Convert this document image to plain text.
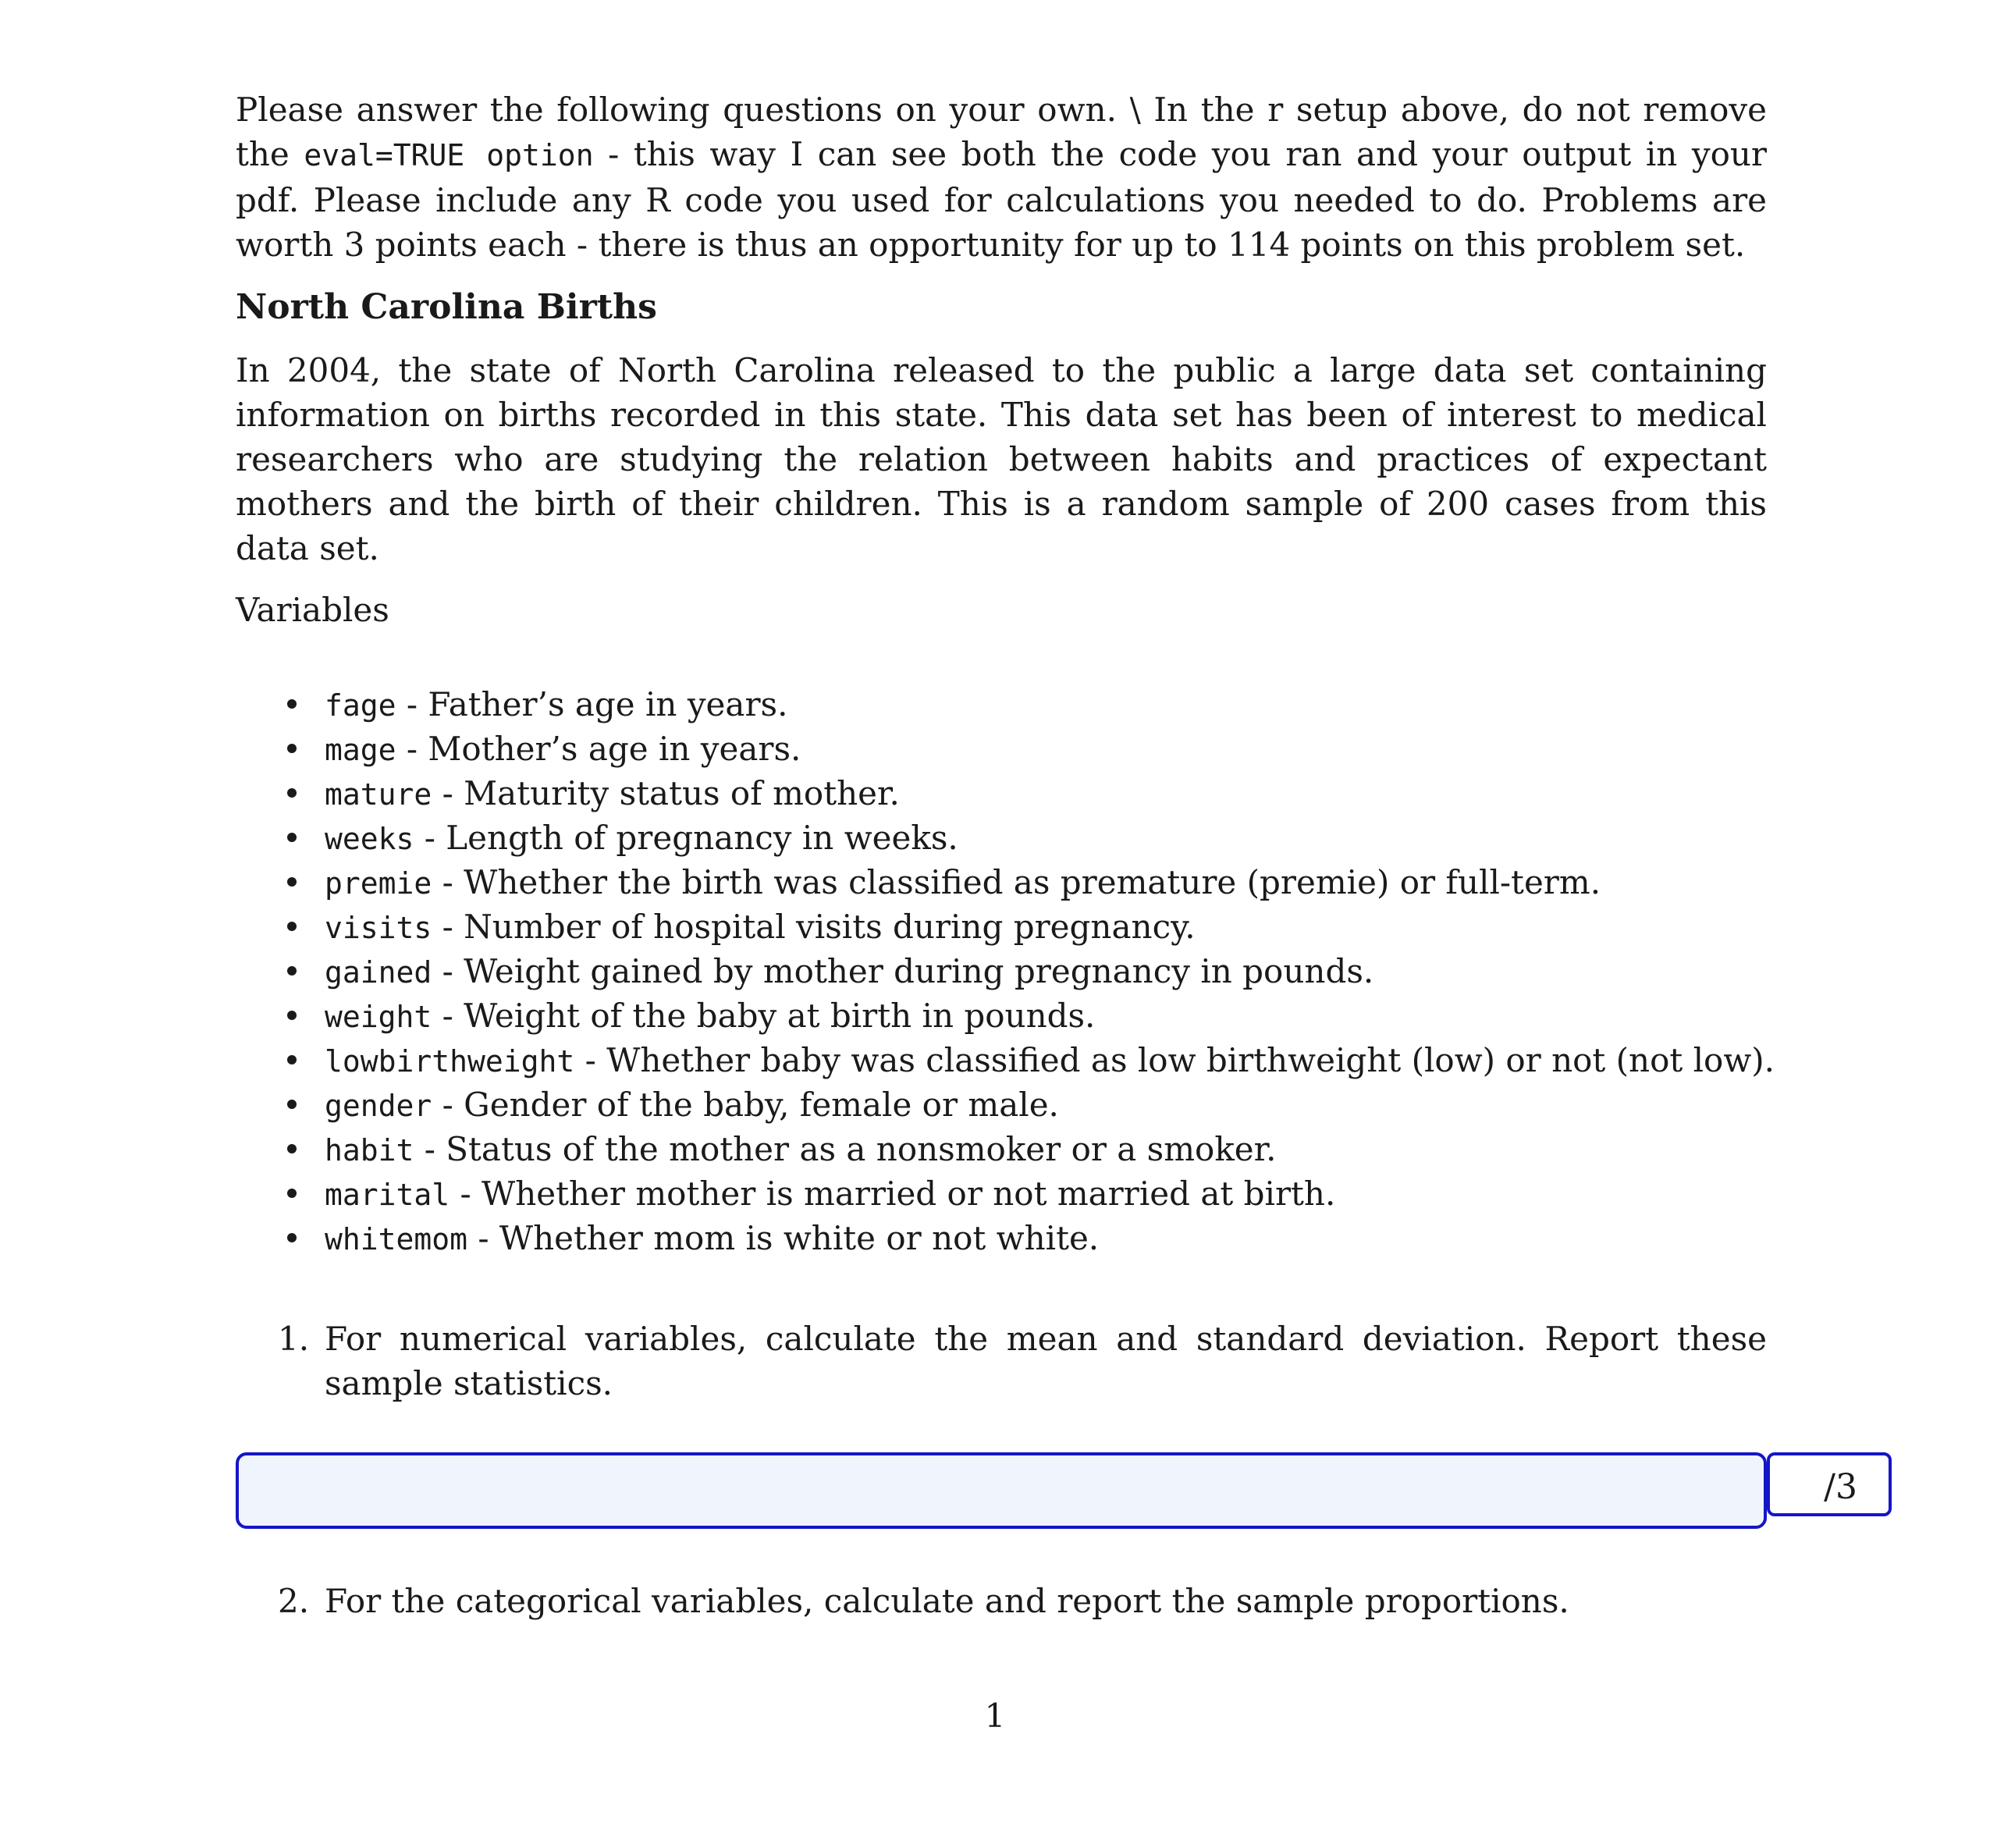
Please answer the following questions on your own. \ In the r setup above, do not remove the eval=TRUE option - this way I can see both the code you ran and your output in your pdf. Please include any R code you used for calculations you needed to do. Problems are worth 3 points each - there is thus an opportunity for up to 114 points on this problem set.

North Carolina Births

In 2004, the state of North Carolina released to the public a large data set containing information on births recorded in this state. This data set has been of interest to medical researchers who are studying the relation between habits and practices of expectant mothers and the birth of their children. This is a random sample of 200 cases from this data set.

Variables

fage - Father’s age in years.
mage - Mother’s age in years.
mature - Maturity status of mother.
weeks - Length of pregnancy in weeks.
premie - Whether the birth was classified as premature (premie) or full-term.
visits - Number of hospital visits during pregnancy.
gained - Weight gained by mother during pregnancy in pounds.
weight - Weight of the baby at birth in pounds.
lowbirthweight - Whether baby was classified as low birthweight (low) or not (not low).
gender - Gender of the baby, female or male.
habit - Status of the mother as a nonsmoker or a smoker.
marital - Whether mother is married or not married at birth.
whitemom - Whether mom is white or not white.
1. For numerical variables, calculate the mean and standard deviation. Report these sample statistics.

/3
2. For the categorical variables, calculate and report the sample proportions.

1
